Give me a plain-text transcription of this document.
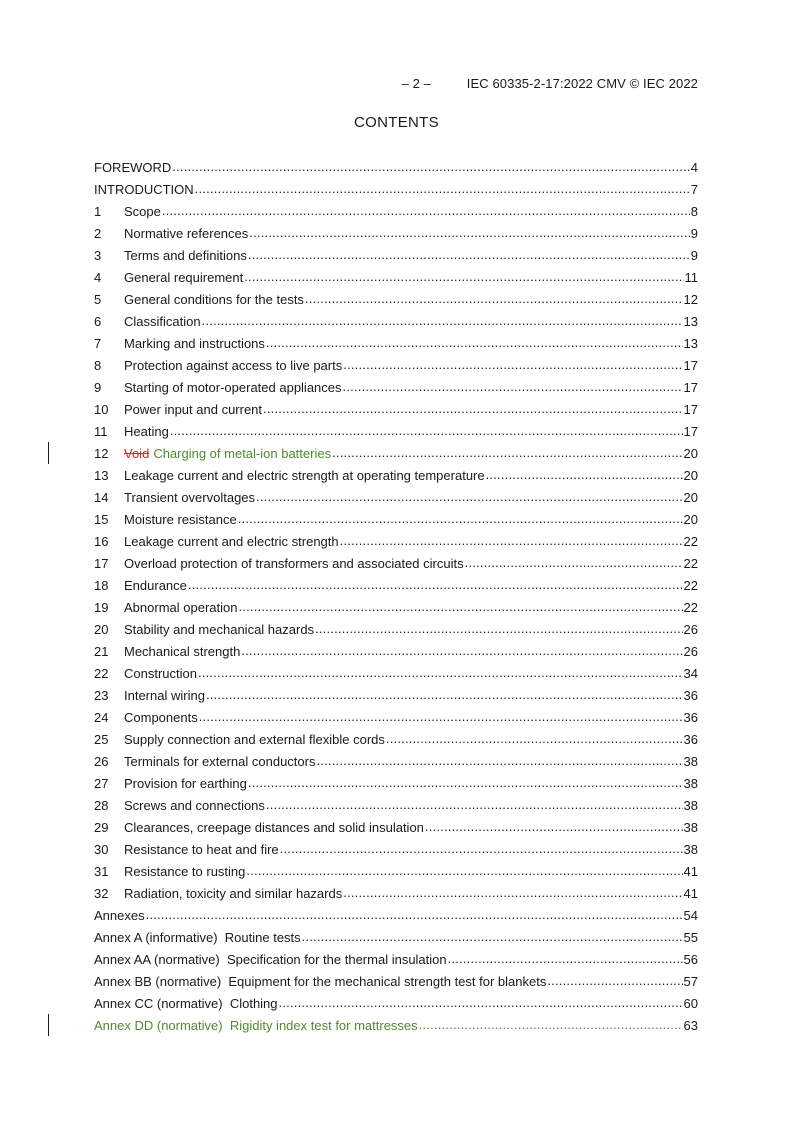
– 2 –	IEC 60335-2-17:2022 CMV © IEC 2022
CONTENTS
FOREWORD .....	4
INTRODUCTION .....	7
1	Scope .....	8
2	Normative references .....	9
3	Terms and definitions .....	9
4	General requirement .....	11
5	General conditions for the tests .....	12
6	Classification .....	13
7	Marking and instructions .....	13
8	Protection against access to live parts .....	17
9	Starting of motor-operated appliances .....	17
10	Power input and current .....	17
11	Heating .....	17
12	Void Charging of metal-ion batteries .....	20
13	Leakage current and electric strength at operating temperature .....	20
14	Transient overvoltages .....	20
15	Moisture resistance .....	20
16	Leakage current and electric strength .....	22
17	Overload protection of transformers and associated circuits .....	22
18	Endurance .....	22
19	Abnormal operation .....	22
20	Stability and mechanical hazards .....	26
21	Mechanical strength .....	26
22	Construction .....	34
23	Internal wiring .....	36
24	Components .....	36
25	Supply connection and external flexible cords .....	36
26	Terminals for external conductors .....	38
27	Provision for earthing .....	38
28	Screws and connections .....	38
29	Clearances, creepage distances and solid insulation .....	38
30	Resistance to heat and fire .....	38
31	Resistance to rusting .....	41
32	Radiation, toxicity and similar hazards .....	41
Annexes .....	54
Annex A (informative)  Routine tests .....	55
Annex AA (normative)  Specification for the thermal insulation .....	56
Annex BB (normative)  Equipment for the mechanical strength test for blankets .....	57
Annex CC (normative)  Clothing .....	60
Annex DD (normative)  Rigidity index test for mattresses .....	63
